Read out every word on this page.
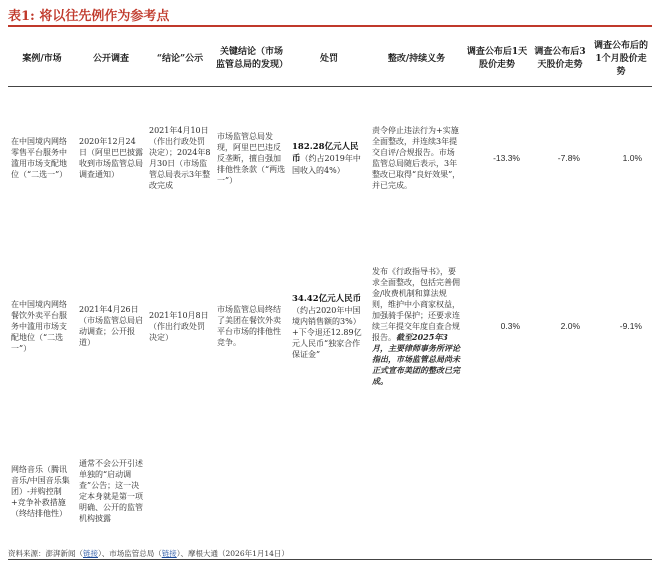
表1: 将以往先例作为参考点
案例/市场	公开调查	“结论”公示	关键结论（市场监管总局的发现）	处罚	整改/持续义务	调查公布后1天股价走势	调查公布后3天股价走势	调查公布后的1个月股价走势
在中国境内网络零售平台服务中滥用市场支配地位（“二选一”）	2020年12月24日（阿里巴巴披露收到市场监管总局调查通知）	2021年4月10日（作出行政处罚决定）；2024年8月30日（市场监管总局表示3年整改完成	市场监管总局发现，阿里巴巴违反反垄断，擅自强加排他性条款（“两选一”）	182.28亿元人民币（约占2019年中国收入的4%）	责令停止违法行为+实施全面整改，并连续3年提交自评/合规报告。市场监管总局随后表示，3年整改已取得“良好效果”，并已完成。	-13.3%	-7.8%	1.0%
在中国境内网络餐饮外卖平台服务中滥用市场支配地位（“二选一”）	2021年4月26日（市场监管总局启动调查；公开报道）	2021年10月8日（作出行政处罚决定）	市场监管总局终结了美团在餐饮外卖平台市场的排他性竞争。	34.42亿元人民币（约占2020年中国境内销售额的3%）+下令退还12.89亿元人民币“独家合作保证金”	发布《行政指导书》，要求全面整改，包括完善佣金/收费机制和算法规则，维护中小商家权益，加强骑手保护；还要求连续三年提交年度自查合规报告。截至2025年3月，主要律师事务所评论指出，市场监管总局尚未正式宣布美团的整改已完成。	0.3%	2.0%	-9.1%
网络音乐（腾讯音乐/中国音乐集团）-并购控制+竞争补救措施（终结排他性）	通常不会公开引述单独的“启动调查”公告；这一决定本身就是第一项明确、公开的监管机构披露							
资料来源：澎湃新闻（链接）、市场监管总局（链接）、摩根大通（2026年1月14日）
